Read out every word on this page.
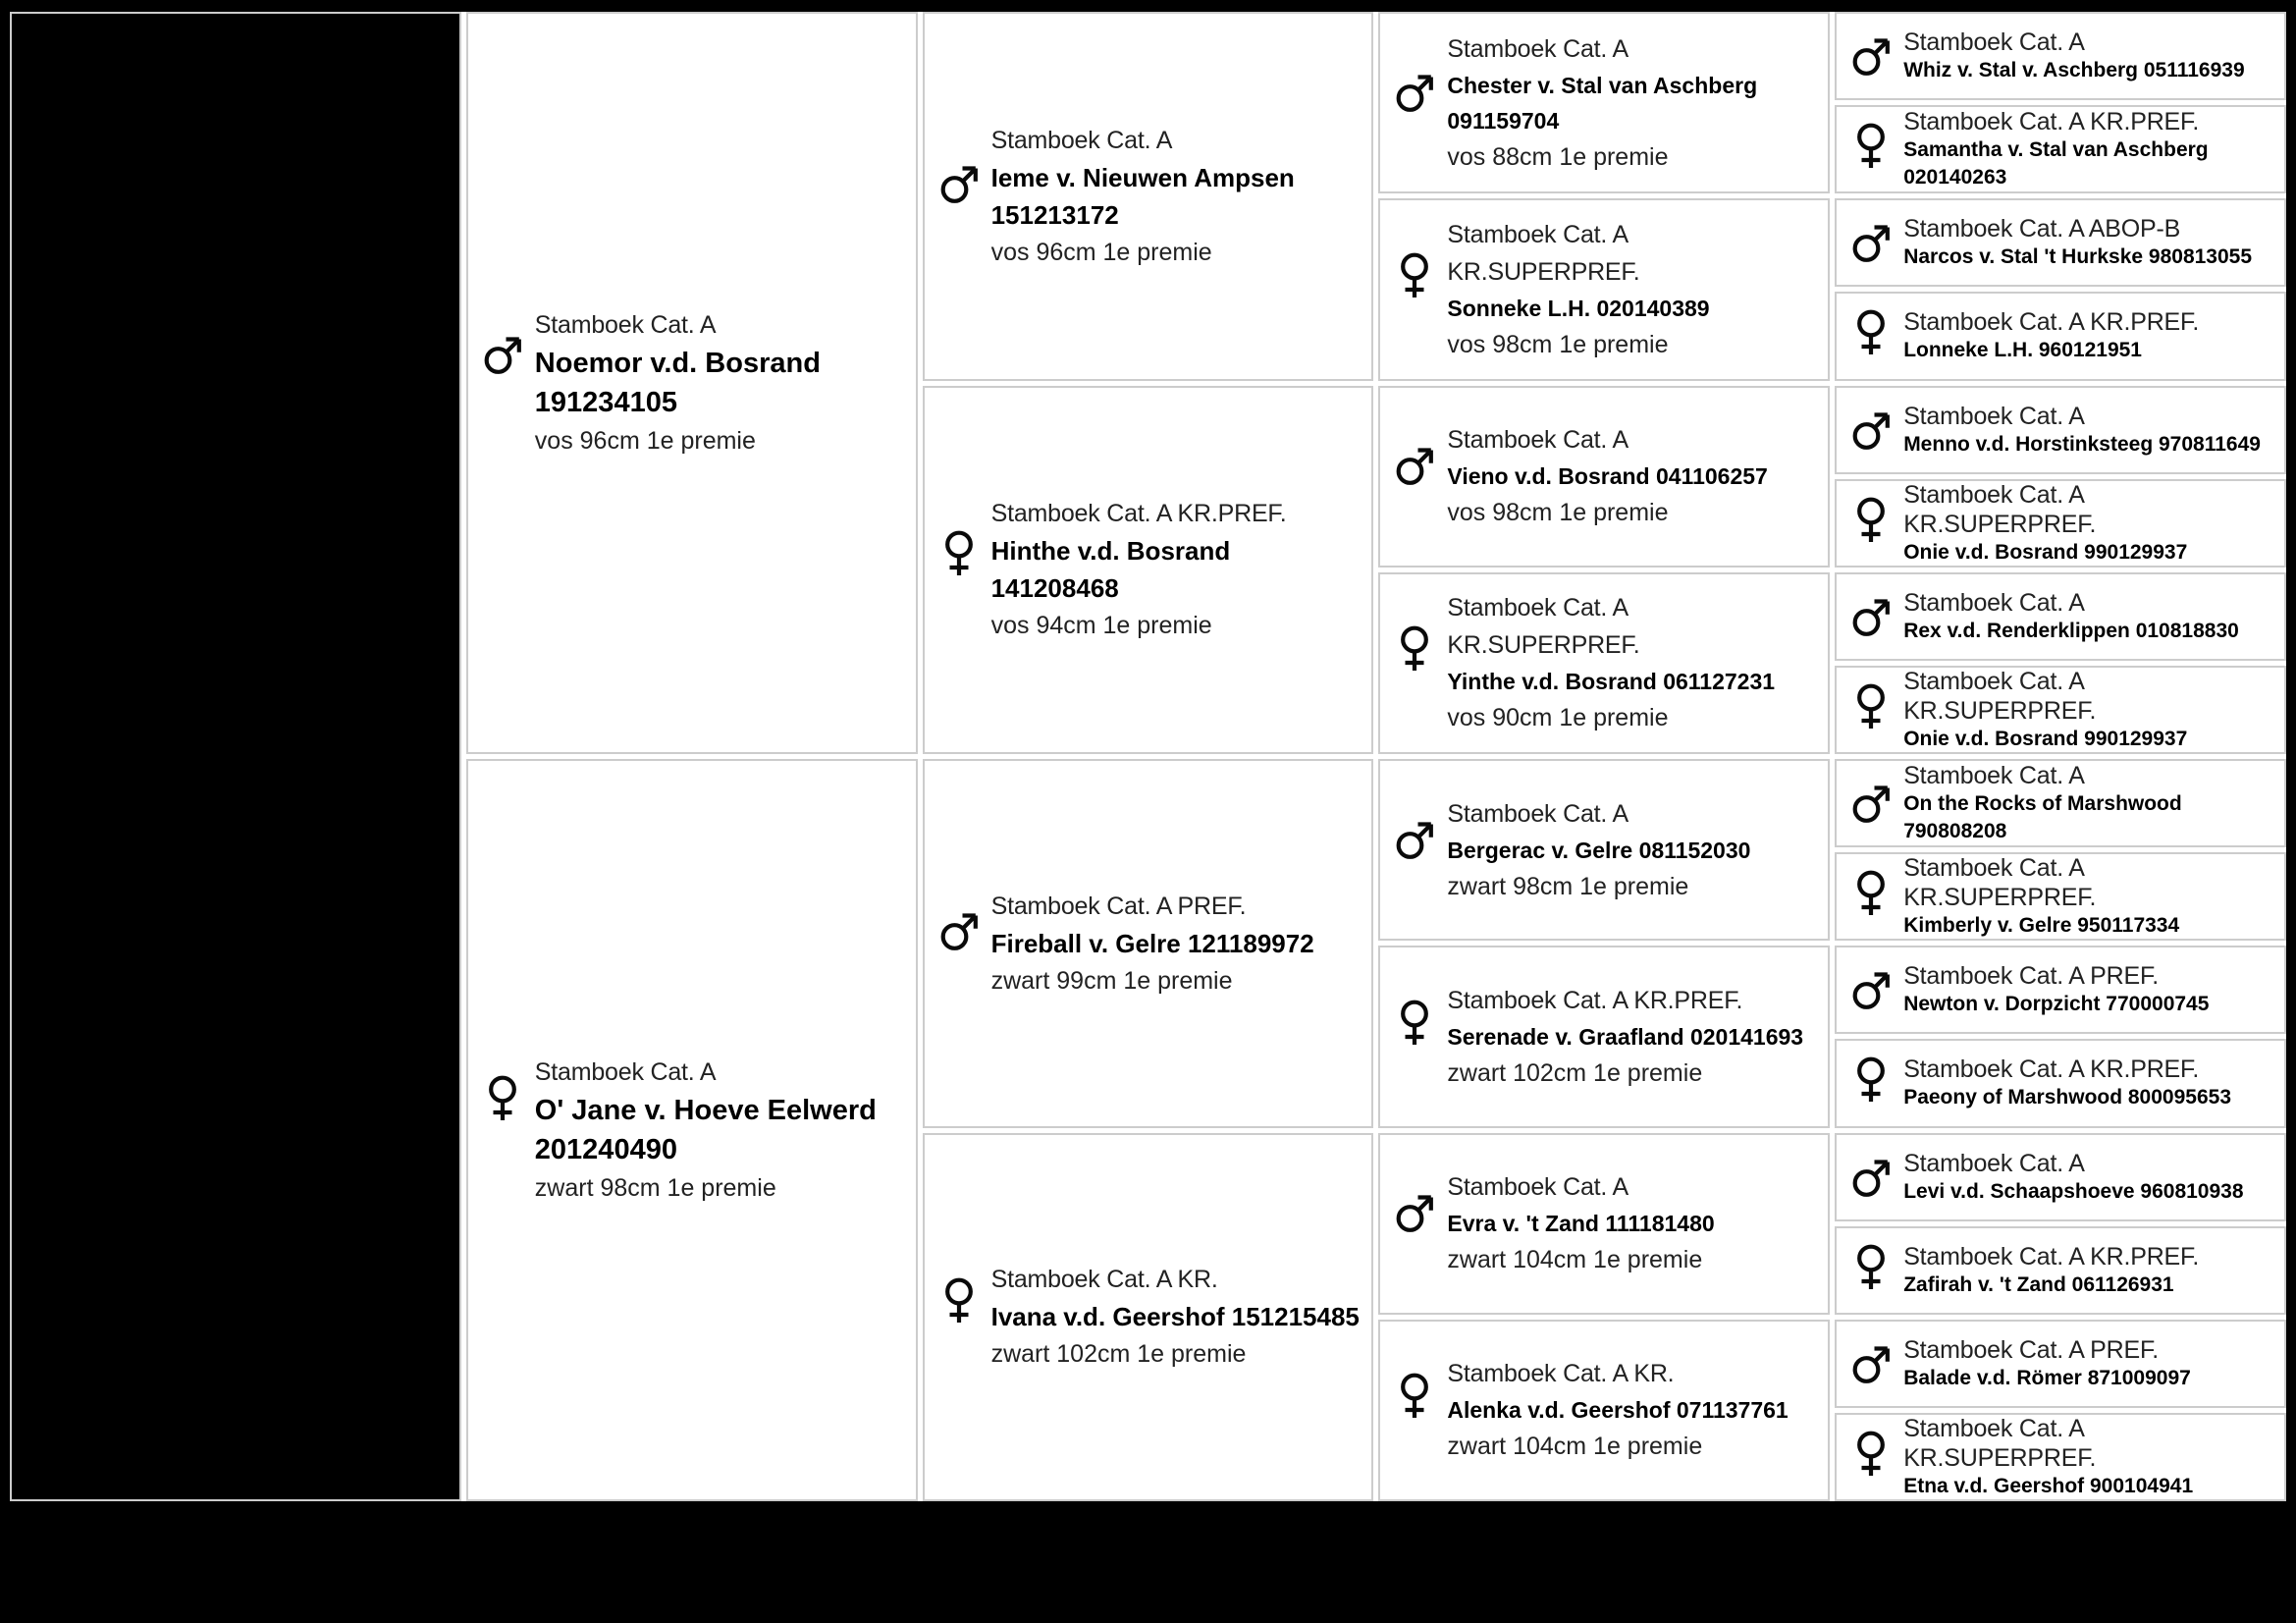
Stamboek Cat. A
Noemor v.d. Bosrand 191234105
vos 96cm 1e premie
Stamboek Cat. A
O' Jane v. Hoeve Eelwerd 201240490
zwart 98cm 1e premie
Stamboek Cat. A
Ieme v. Nieuwen Ampsen 151213172
vos 96cm 1e premie
Stamboek Cat. A KR.PREF.
Hinthe v.d. Bosrand 141208468
vos 94cm 1e premie
Stamboek Cat. A PREF.
Fireball v. Gelre 121189972
zwart 99cm 1e premie
Stamboek Cat. A KR.
Ivana v.d. Geershof 151215485
zwart 102cm 1e premie
Stamboek Cat. A
Chester v. Stal van Aschberg 091159704
vos 88cm 1e premie
Stamboek Cat. A KR.SUPERPREF.
Sonneke L.H. 020140389
vos 98cm 1e premie
Stamboek Cat. A
Vieno v.d. Bosrand 041106257
vos 98cm 1e premie
Stamboek Cat. A KR.SUPERPREF.
Yinthe v.d. Bosrand 061127231
vos 90cm 1e premie
Stamboek Cat. A
Bergerac v. Gelre 081152030
zwart 98cm 1e premie
Stamboek Cat. A KR.PREF.
Serenade v. Graafland 020141693
zwart 102cm 1e premie
Stamboek Cat. A
Evra v. 't Zand 111181480
zwart 104cm 1e premie
Stamboek Cat. A KR.
Alenka v.d. Geershof 071137761
zwart 104cm 1e premie
Stamboek Cat. A
Whiz v. Stal v. Aschberg 051116939
Stamboek Cat. A KR.PREF.
Samantha v. Stal van Aschberg 020140263
Stamboek Cat. A ABOP-B
Narcos v. Stal 't Hurkske 980813055
Stamboek Cat. A KR.PREF.
Lonneke L.H. 960121951
Stamboek Cat. A
Menno v.d. Horstinksteeg 970811649
Stamboek Cat. A KR.SUPERPREF.
Onie v.d. Bosrand 990129937
Stamboek Cat. A
Rex v.d. Renderklippen 010818830
Stamboek Cat. A KR.SUPERPREF.
Onie v.d. Bosrand 990129937
Stamboek Cat. A
On the Rocks of Marshwood 790808208
Stamboek Cat. A KR.SUPERPREF.
Kimberly v. Gelre 950117334
Stamboek Cat. A PREF.
Newton v. Dorpzicht 770000745
Stamboek Cat. A KR.PREF.
Paeony of Marshwood 800095653
Stamboek Cat. A
Levi v.d. Schaapshoeve 960810938
Stamboek Cat. A KR.PREF.
Zafirah v. 't Zand 061126931
Stamboek Cat. A PREF.
Balade v.d. Römer 871009097
Stamboek Cat. A KR.SUPERPREF.
Etna v.d. Geershof 900104941
